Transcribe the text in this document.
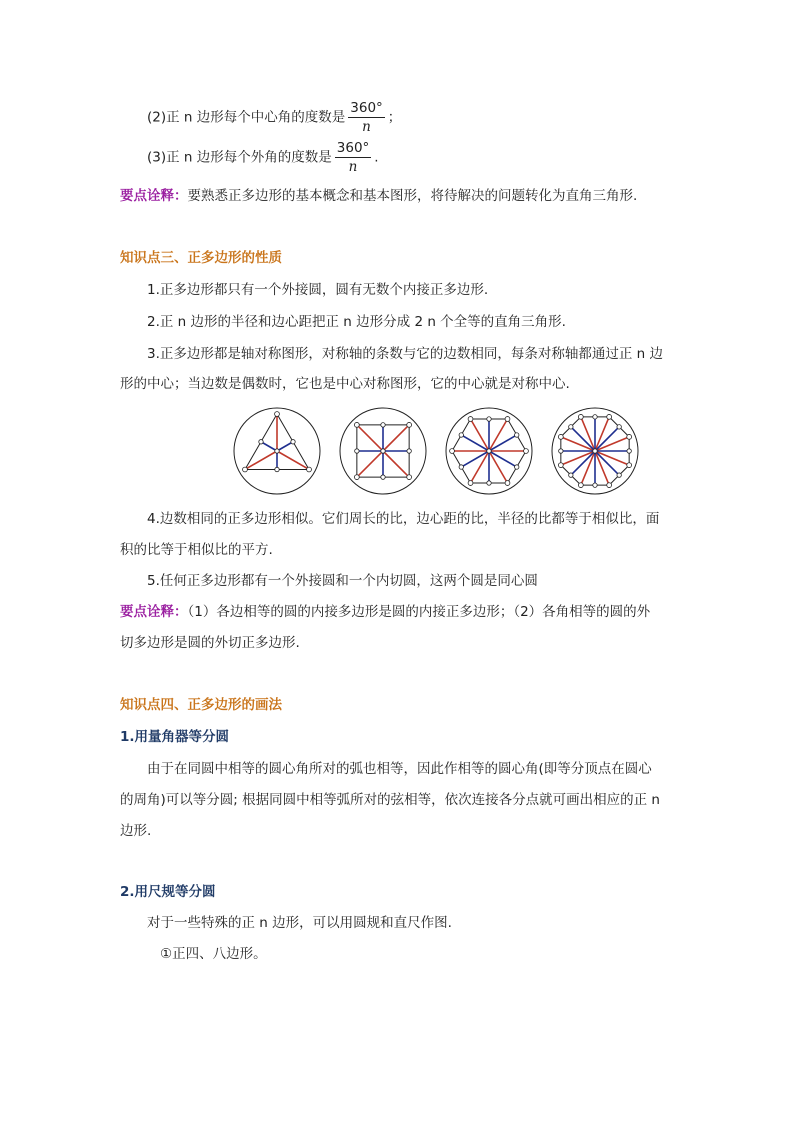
(2)正 n 边形每个中心角的度数是 $\frac{360^\circ}{n}$ ；
(3)正 n 边形每个外角的度数是 $\frac{360^\circ}{n}$ .
要点诠释：要熟悉正多边形的基本概念和基本图形，将待解决的问题转化为直角三角形.
知识点三、正多边形的性质
1.正多边形都只有一个外接圆，圆有无数个内接正多边形.
2.正 n 边形的半径和边心距把正 n 边形分成 2 n 个全等的直角三角形.
3.正多边形都是轴对称图形，对称轴的条数与它的边数相同，每条对称轴都通过正 n 边
形的中心；当边数是偶数时，它也是中心对称图形，它的中心就是对称中心.
4.边数相同的正多边形相似。它们周长的比，边心距的比，半径的比都等于相似比，面
积的比等于相似比的平方.
5.任何正多边形都有一个外接圆和一个内切圆，这两个圆是同心圆
要点诠释：（1）各边相等的圆的内接多边形是圆的内接正多边形；（2）各角相等的圆的外
切多边形是圆的外切正多边形.
知识点四、正多边形的画法
1.用量角器等分圆
由于在同圆中相等的圆心角所对的弧也相等，因此作相等的圆心角(即等分顶点在圆心
的周角)可以等分圆; 根据同圆中相等弧所对的弦相等，依次连接各分点就可画出相应的正 n
边形.
2.用尺规等分圆
对于一些特殊的正 n 边形，可以用圆规和直尺作图.
①正四、八边形。
